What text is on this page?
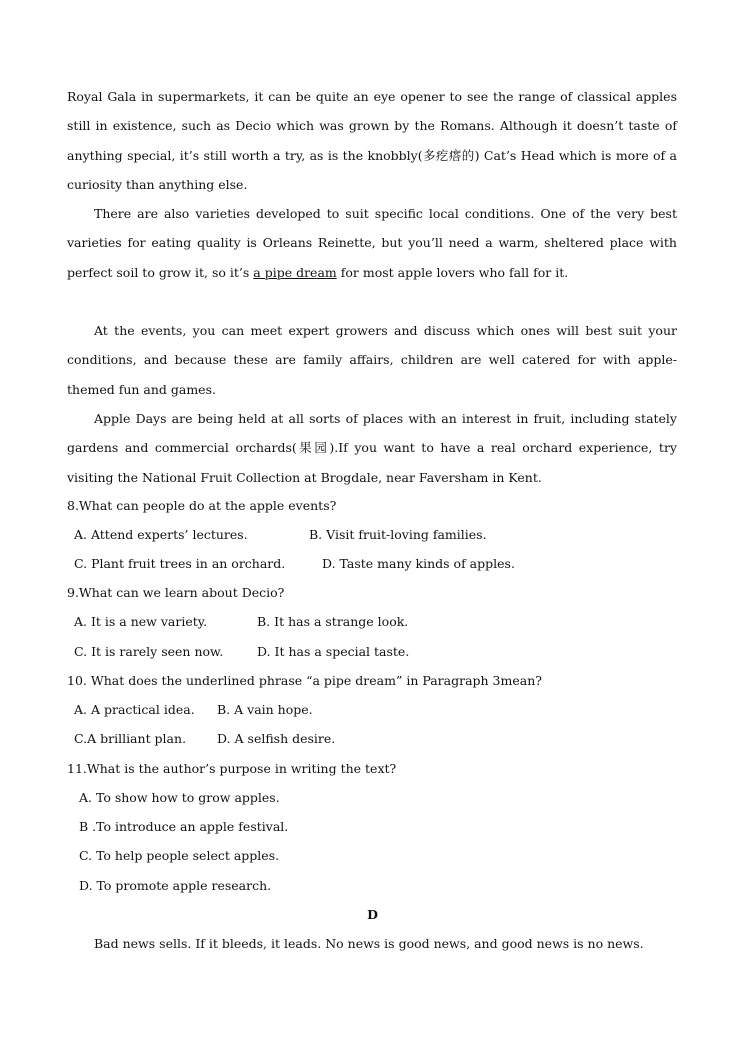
Royal Gala in supermarkets, it can be quite an eye opener to see the range of classical apples still in existence, such as Decio which was grown by the Romans. Although it doesn’t taste of anything special, it’s still worth a try, as is the knobbly(多疙瘩的) Cat’s Head which is more of a curiosity than anything else.
There are also varieties developed to suit specific local conditions. One of the very best varieties for eating quality is Orleans Reinette, but you’ll need a warm, sheltered place with perfect soil to grow it, so it’s a pipe dream for most apple lovers who fall for it.
At the events, you can meet expert growers and discuss which ones will best suit your conditions, and because these are family affairs, children are well catered for with apple-themed fun and games.
Apple Days are being held at all sorts of places with an interest in fruit, including stately gardens and commercial orchards(果园).If you want to have a real orchard experience, try visiting the National Fruit Collection at Brogdale, near Faversham in Kent.
8.What can people do at the apple events?
A. Attend experts’ lectures.	B. Visit fruit-loving families.
C. Plant fruit trees in an orchard.	D. Taste many kinds of apples.
9.What can we learn about Decio?
A. It is a new variety.	B. It has a strange look.
C. It is rarely seen now.	D. It has a special taste.
10. What does the underlined phrase “a pipe dream” in Paragraph 3mean?
A. A practical idea. B. A vain hope.
C.A brilliant plan. D. A selfish desire.
11.What is the author’s purpose in writing the text?
A. To show how to grow apples.
B .To introduce an apple festival.
C. To help people select apples.
D. To promote apple research.
D
Bad news sells. If it bleeds, it leads. No news is good news, and good news is no news.
